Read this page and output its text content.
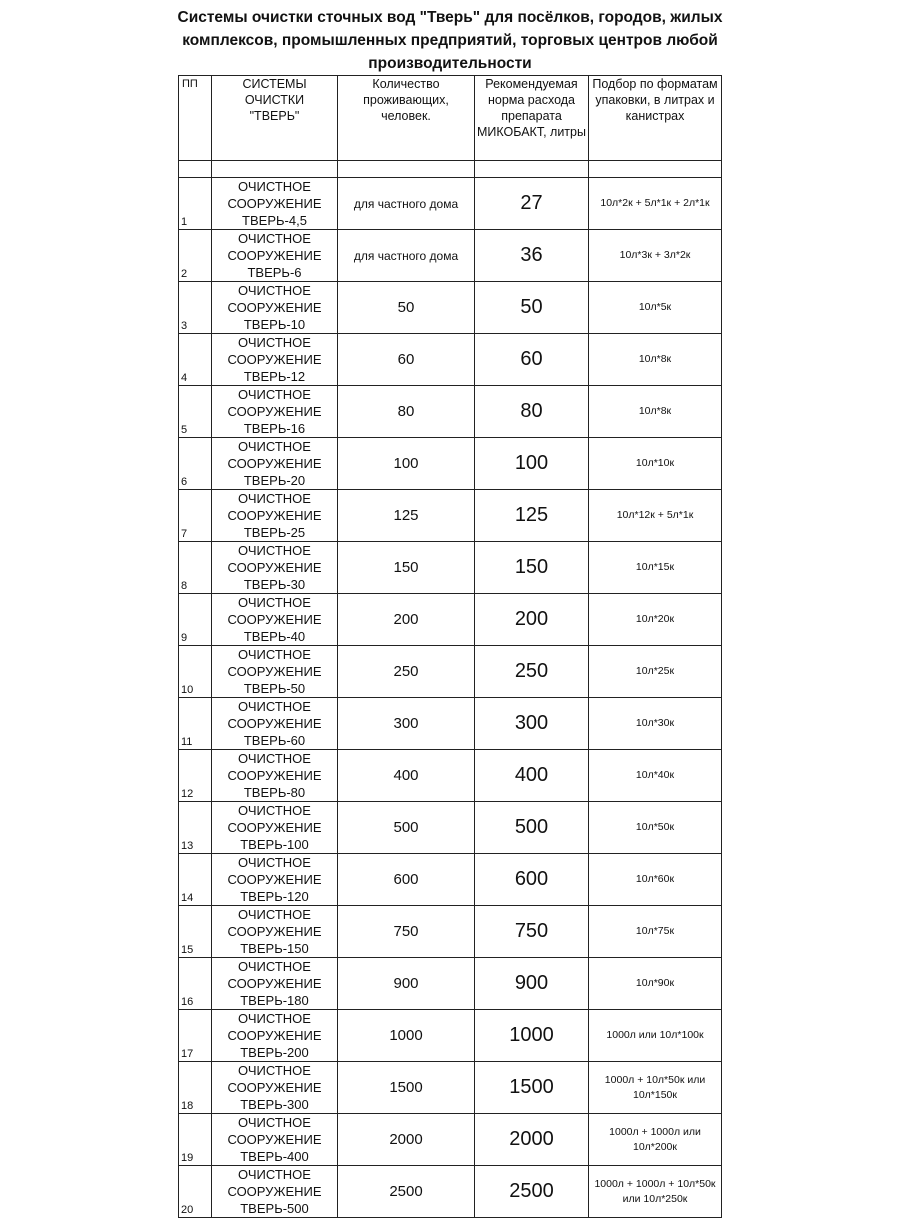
Системы очистки сточных вод "Тверь" для посёлков, городов, жилых комплексов, промышленных предприятий, торговых центров любой производительности
ПП	СИСТЕМЫ ОЧИСТКИ "ТВЕРЬ"	Количество проживающих, человек.	Рекомендуемая норма расхода препарата МИКОБАКТ, литры	Подбор по форматам упаковки, в литрах и канистрах

1	ОЧИСТНОЕ СООРУЖЕНИЕ ТВЕРЬ-4,5	для частного дома	27	10л*2к + 5л*1к + 2л*1к
2	ОЧИСТНОЕ СООРУЖЕНИЕ ТВЕРЬ-6	для частного дома	36	10л*3к + 3л*2к
3	ОЧИСТНОЕ СООРУЖЕНИЕ ТВЕРЬ-10	50	50	10л*5к
4	ОЧИСТНОЕ СООРУЖЕНИЕ ТВЕРЬ-12	60	60	10л*8к
5	ОЧИСТНОЕ СООРУЖЕНИЕ ТВЕРЬ-16	80	80	10л*8к
6	ОЧИСТНОЕ СООРУЖЕНИЕ ТВЕРЬ-20	100	100	10л*10к
7	ОЧИСТНОЕ СООРУЖЕНИЕ ТВЕРЬ-25	125	125	10л*12к + 5л*1к
8	ОЧИСТНОЕ СООРУЖЕНИЕ ТВЕРЬ-30	150	150	10л*15к
9	ОЧИСТНОЕ СООРУЖЕНИЕ ТВЕРЬ-40	200	200	10л*20к
10	ОЧИСТНОЕ СООРУЖЕНИЕ ТВЕРЬ-50	250	250	10л*25к
11	ОЧИСТНОЕ СООРУЖЕНИЕ ТВЕРЬ-60	300	300	10л*30к
12	ОЧИСТНОЕ СООРУЖЕНИЕ ТВЕРЬ-80	400	400	10л*40к
13	ОЧИСТНОЕ СООРУЖЕНИЕ ТВЕРЬ-100	500	500	10л*50к
14	ОЧИСТНОЕ СООРУЖЕНИЕ ТВЕРЬ-120	600	600	10л*60к
15	ОЧИСТНОЕ СООРУЖЕНИЕ ТВЕРЬ-150	750	750	10л*75к
16	ОЧИСТНОЕ СООРУЖЕНИЕ ТВЕРЬ-180	900	900	10л*90к
17	ОЧИСТНОЕ СООРУЖЕНИЕ ТВЕРЬ-200	1000	1000	1000л или 10л*100к
18	ОЧИСТНОЕ СООРУЖЕНИЕ ТВЕРЬ-300	1500	1500	1000л + 10л*50к или 10л*150к
19	ОЧИСТНОЕ СООРУЖЕНИЕ ТВЕРЬ-400	2000	2000	1000л + 1000л или 10л*200к
20	ОЧИСТНОЕ СООРУЖЕНИЕ ТВЕРЬ-500	2500	2500	1000л + 1000л + 10л*50к или 10л*250к
